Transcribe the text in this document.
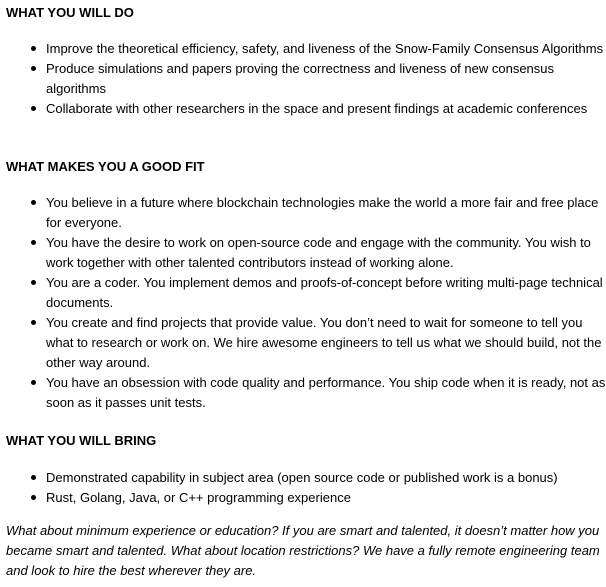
WHAT YOU WILL DO
Improve the theoretical efficiency, safety, and liveness of the Snow-Family Consensus Algorithms
Produce simulations and papers proving the correctness and liveness of new consensus algorithms
Collaborate with other researchers in the space and present findings at academic conferences
WHAT MAKES YOU A GOOD FIT
You believe in a future where blockchain technologies make the world a more fair and free place for everyone.
You have the desire to work on open-source code and engage with the community. You wish to work together with other talented contributors instead of working alone.
You are a coder. You implement demos and proofs-of-concept before writing multi-page technical documents.
You create and find projects that provide value. You don’t need to wait for someone to tell you what to research or work on. We hire awesome engineers to tell us what we should build, not the other way around.
You have an obsession with code quality and performance. You ship code when it is ready, not as soon as it passes unit tests.
WHAT YOU WILL BRING
Demonstrated capability in subject area (open source code or published work is a bonus)
Rust, Golang, Java, or C++ programming experience

What about minimum experience or education? If you are smart and talented, it doesn’t matter how you became smart and talented. What about location restrictions? We have a fully remote engineering team and look to hire the best wherever they are.
